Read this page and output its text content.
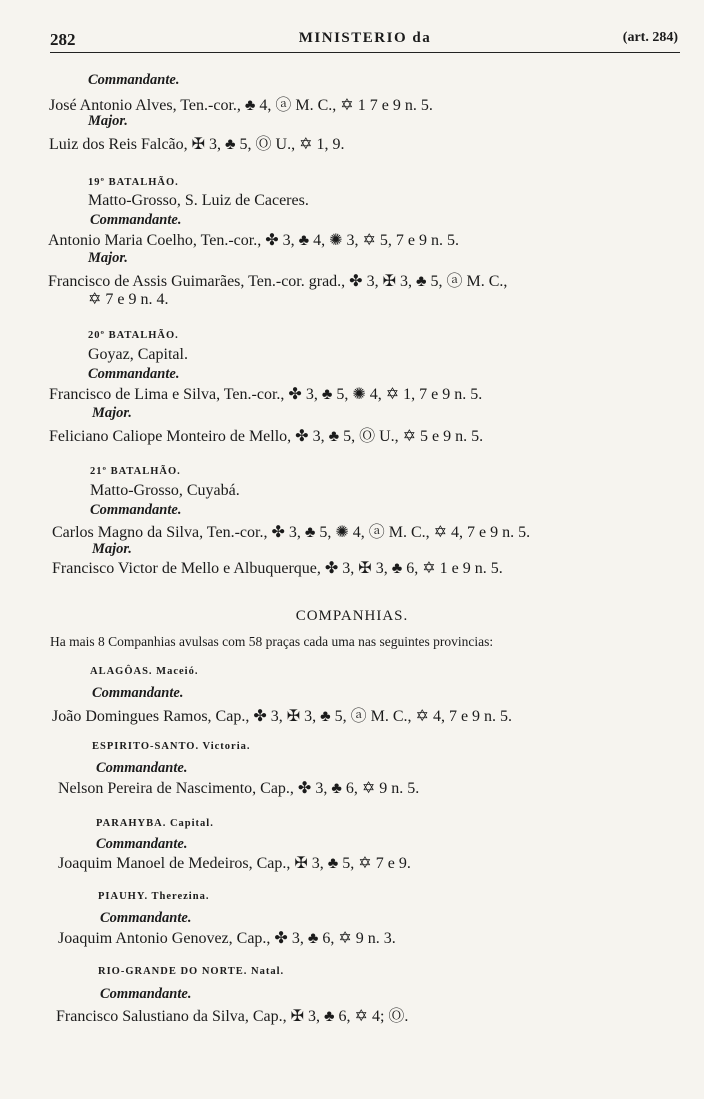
282	MINISTERIO da	(art. 284)
Commandante.
José Antonio Alves, Ten.-cor., ♣ 4, ⓐ M. C., ✡ 1 7 e 9 n. 5.
Major.
Luiz dos Reis Falcão, ✠ 3, ♣ 5, Ⓞ U., ✡ 1, 9.
19º BATALHÃO.
Matto-Grosso, S. Luiz de Caceres.
Commandante.
Antonio Maria Coelho, Ten.-cor., ✤ 3, ♣ 4, ✺ 3, ✡ 5, 7 e 9 n. 5.
Major.
Francisco de Assis Guimarães, Ten.-cor. grad., ✤ 3, ✠ 3, ♣ 5, ⓐ M. C.,
✡ 7 e 9 n. 4.
20º BATALHÃO.
Goyaz, Capital.
Commandante.
Francisco de Lima e Silva, Ten.-cor., ✤ 3, ♣ 5, ✺ 4, ✡ 1, 7 e 9 n. 5.
Major.
Feliciano Caliope Monteiro de Mello, ✤ 3, ♣ 5, Ⓞ U., ✡ 5 e 9 n. 5.
21º BATALHÃO.
Matto-Grosso, Cuyabá.
Commandante.
Carlos Magno da Silva, Ten.-cor., ✤ 3, ♣ 5, ✺ 4, ⓐ M. C., ✡ 4, 7 e 9 n. 5.
Major.
Francisco Victor de Mello e Albuquerque, ✤ 3, ✠ 3, ♣ 6, ✡ 1 e 9 n. 5.
COMPANHIAS.
Ha mais 8 Companhias avulsas com 58 praças cada uma nas seguintes provincias:
ALAGÔAS. Maceió.
Commandante.
João Domingues Ramos, Cap., ✤ 3, ✠ 3, ♣ 5, ⓐ M. C., ✡ 4, 7 e 9 n. 5.
ESPIRITO-SANTO. Victoria.
Commandante.
Nelson Pereira de Nascimento, Cap., ✤ 3, ♣ 6, ✡ 9 n. 5.
PARAHYBA. Capital.
Commandante.
Joaquim Manoel de Medeiros, Cap., ✠ 3, ♣ 5, ✡ 7 e 9.
PIAUHY. Therezina.
Commandante.
Joaquim Antonio Genovez, Cap., ✤ 3, ♣ 6, ✡ 9 n. 3.
RIO-GRANDE DO NORTE. Natal.
Commandante.
Francisco Salustiano da Silva, Cap., ✠ 3, ♣ 6, ✡ 4; Ⓞ.
